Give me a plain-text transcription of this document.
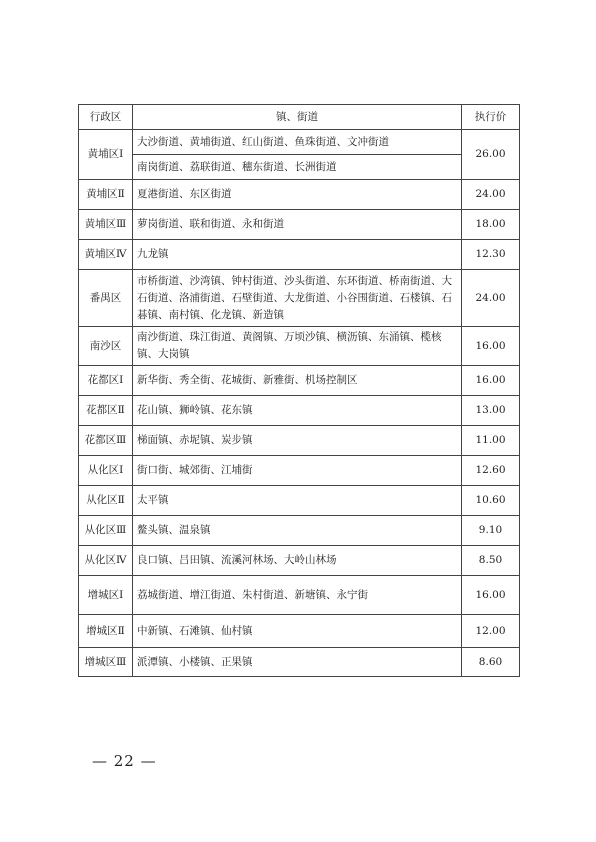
行政区	镇、街道	执行价
黄埔区Ⅰ	大沙街道、黄埔街道、红山街道、鱼珠街道、文冲街道	26.00
	南岗街道、荔联街道、穗东街道、长洲街道	
黄埔区Ⅱ	夏港街道、东区街道	24.00
黄埔区Ⅲ	萝岗街道、联和街道、永和街道	18.00
黄埔区Ⅳ	九龙镇	12.30
番禺区	市桥街道、沙湾镇、钟村街道、沙头街道、东环街道、桥南街道、大石街道、洛浦街道、石壁街道、大龙街道、小谷围街道、石楼镇、石碁镇、南村镇、化龙镇、新造镇	24.00
南沙区	南沙街道、珠江街道、黄阁镇、万顷沙镇、横沥镇、东涌镇、榄核镇、大岗镇	16.00
花都区Ⅰ	新华街、秀全街、花城街、新雅街、机场控制区	16.00
花都区Ⅱ	花山镇、狮岭镇、花东镇	13.00
花都区Ⅲ	梯面镇、赤坭镇、炭步镇	11.00
从化区Ⅰ	街口街、城郊街、江埔街	12.60
从化区Ⅱ	太平镇	10.60
从化区Ⅲ	鳌头镇、温泉镇	9.10
从化区Ⅳ	良口镇、吕田镇、流溪河林场、大岭山林场	8.50
增城区Ⅰ	荔城街道、增江街道、朱村街道、新塘镇、永宁街	16.00
增城区Ⅱ	中新镇、石滩镇、仙村镇	12.00
增城区Ⅲ	派潭镇、小楼镇、正果镇	8.60
— 22 —
